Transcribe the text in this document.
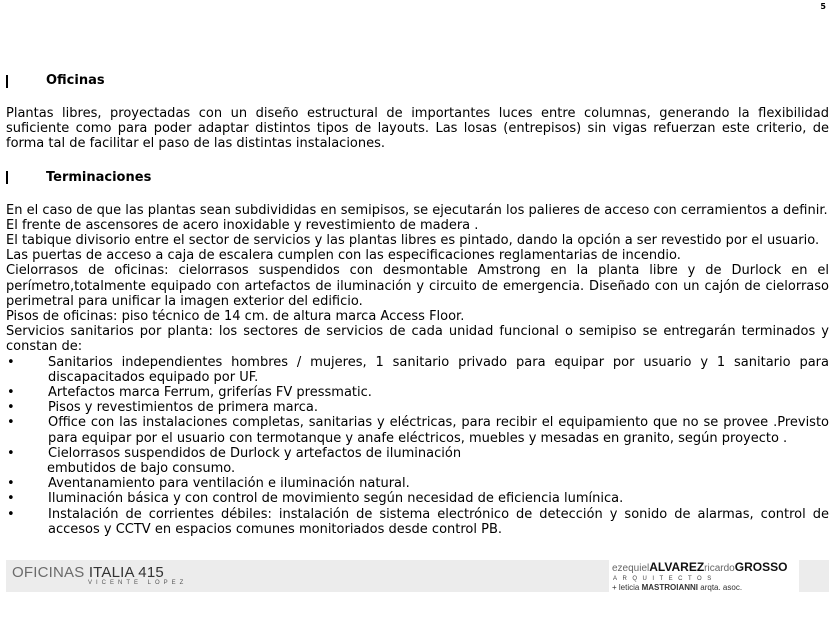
5
Oficinas

Plantas libres, proyectadas con un diseño estructural de importantes luces entre columnas, generando la flexibilidad suficiente como para poder adaptar distintos tipos de layouts. Las losas (entrepisos) sin vigas refuerzan este criterio, de forma tal de facilitar el paso de las distintas instalaciones.

Terminaciones

En el caso de que las plantas sean subdivididas en semipisos, se ejecutarán los palieres de acceso con cerramientos a definir.

El frente de ascensores de acero inoxidable y revestimiento de madera .

El tabique divisorio entre el sector de servicios y las plantas libres es pintado, dando la opción a ser revestido por el usuario.

Las puertas de acceso a caja de escalera cumplen con las especificaciones reglamentarias de incendio.

Cielorrasos de oficinas: cielorrasos suspendidos con desmontable Amstrong en la planta libre y de Durlock en el perímetro,totalmente equipado con artefactos de iluminación y circuito de emergencia. Diseñado con un cajón de cielorraso perimetral para unificar la imagen exterior del edificio.

Pisos de oficinas: piso técnico de 14 cm. de altura marca Access Floor.

Servicios sanitarios por planta: los sectores de servicios de cada unidad funcional o semipiso se entregarán terminados y constan de:

•	Sanitarios independientes hombres / mujeres, 1 sanitario privado para equipar por usuario y 1 sanitario para discapacitados equipado por UF.
•	Artefactos marca Ferrum, griferías FV pressmatic.
•	Pisos y revestimientos de primera marca.
•	Office con las instalaciones completas, sanitarias y eléctricas, para recibir el equipamiento que no se provee .Previsto para equipar por el usuario con termotanque y anafe eléctricos, muebles y mesadas en granito, según proyecto .
•	Cielorrasos suspendidos de Durlock y artefactos de iluminación
embutidos de bajo consumo.
•	Aventanamiento para ventilación e iluminación natural.
•	Iluminación básica y con control de movimiento según necesidad de eficiencia lumínica.
•	Instalación de corrientes débiles: instalación de sistema electrónico de detección y sonido de alarmas, control de accesos y CCTV en espacios comunes monitoriados desde control PB.
OFICINAS ITALIA 415
VICENTE LOPEZ
ezequielALVAREZricardoGROSSO
ARQUITECTOS
+ leticia MASTROIANNI arqta. asoc.
